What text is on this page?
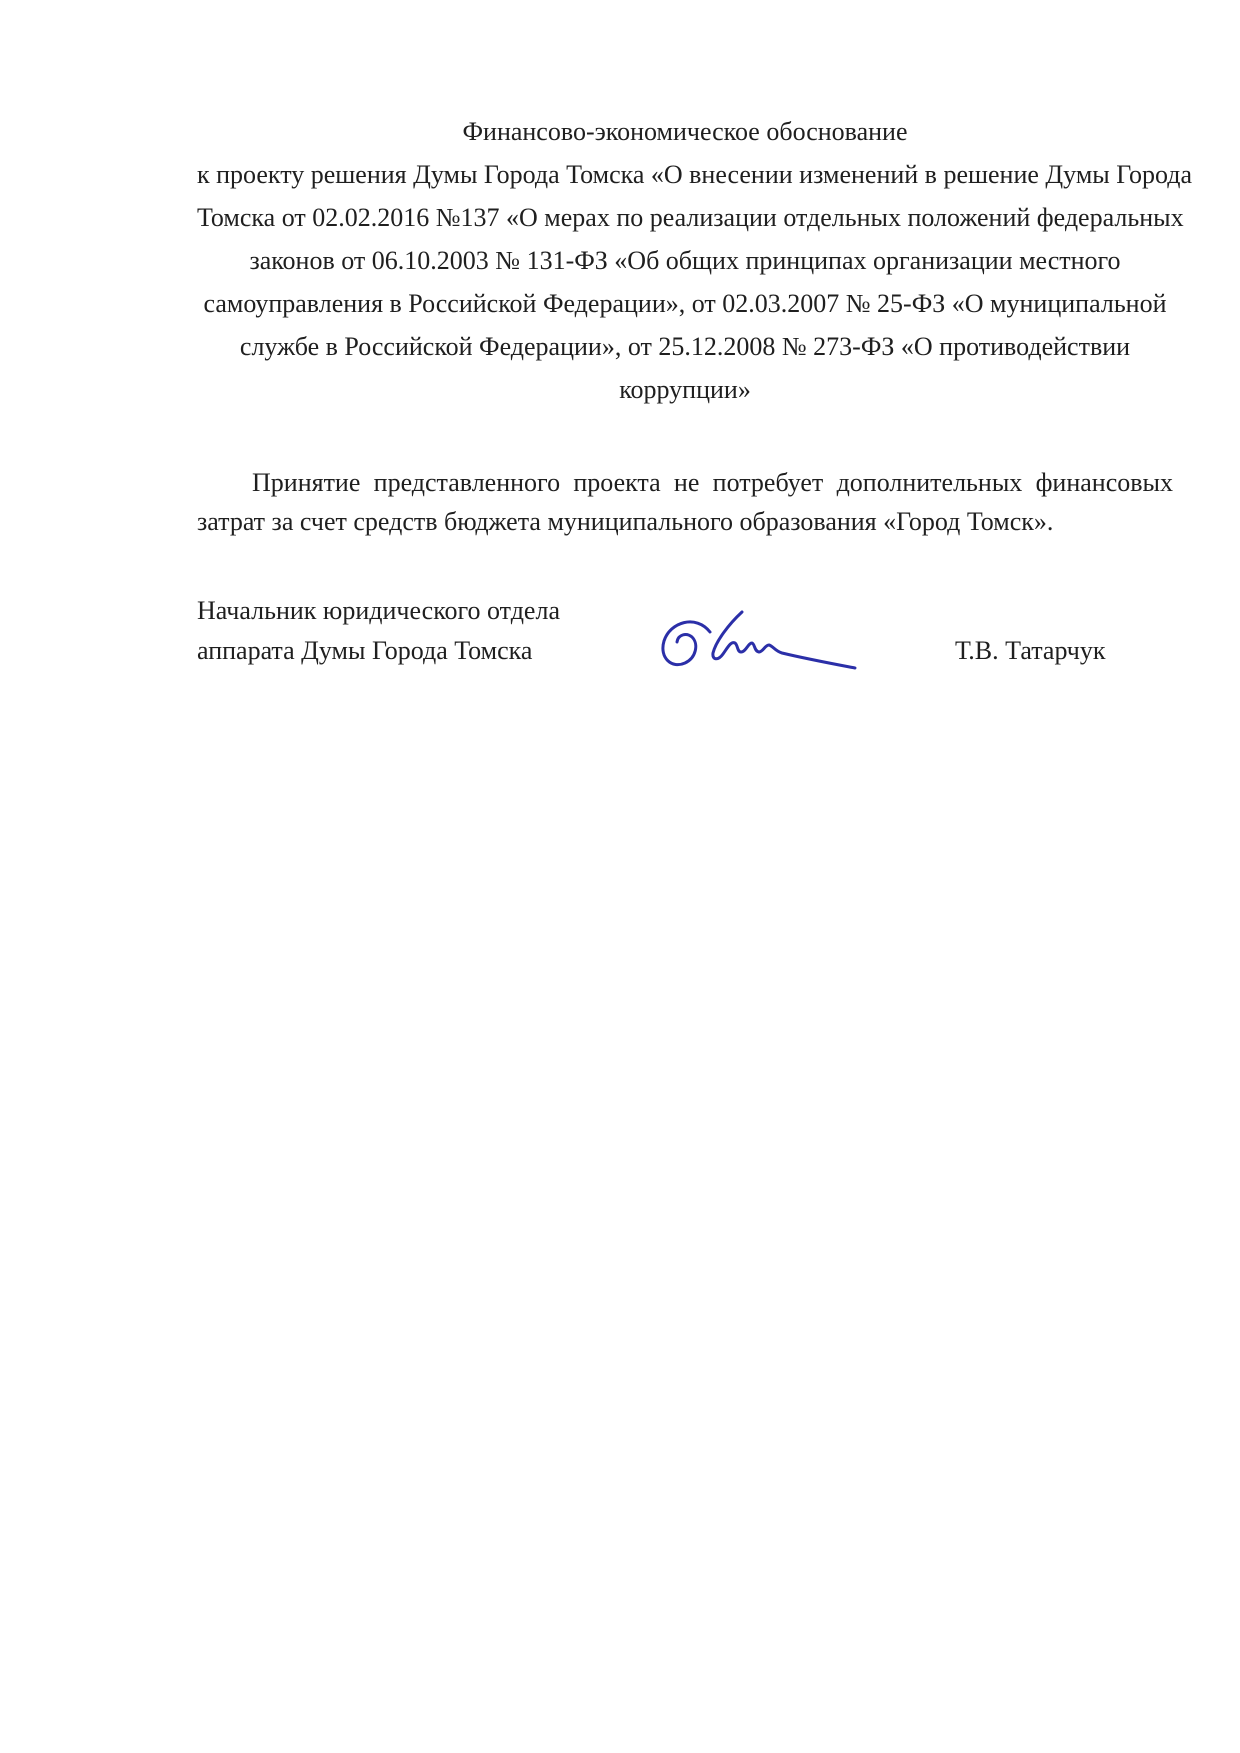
Финансово-экономическое обоснование
к проекту решения Думы Города Томска «О внесении изменений в решение Думы Города
Томска от 02.02.2016 №137 «О мерах по реализации отдельных положений федеральных
законов от 06.10.2003 № 131-ФЗ «Об общих принципах организации местного
самоуправления в Российской Федерации», от 02.03.2007 № 25-ФЗ «О муниципальной
службе в Российской Федерации», от 25.12.2008 № 273-ФЗ «О противодействии
коррупции»
Принятие представленного проекта не потребует дополнительных финансовых
затрат за счет средств бюджета муниципального образования «Город Томск».
Начальник юридического отдела
аппарата Думы Города Томска	Т.В. Татарчук
